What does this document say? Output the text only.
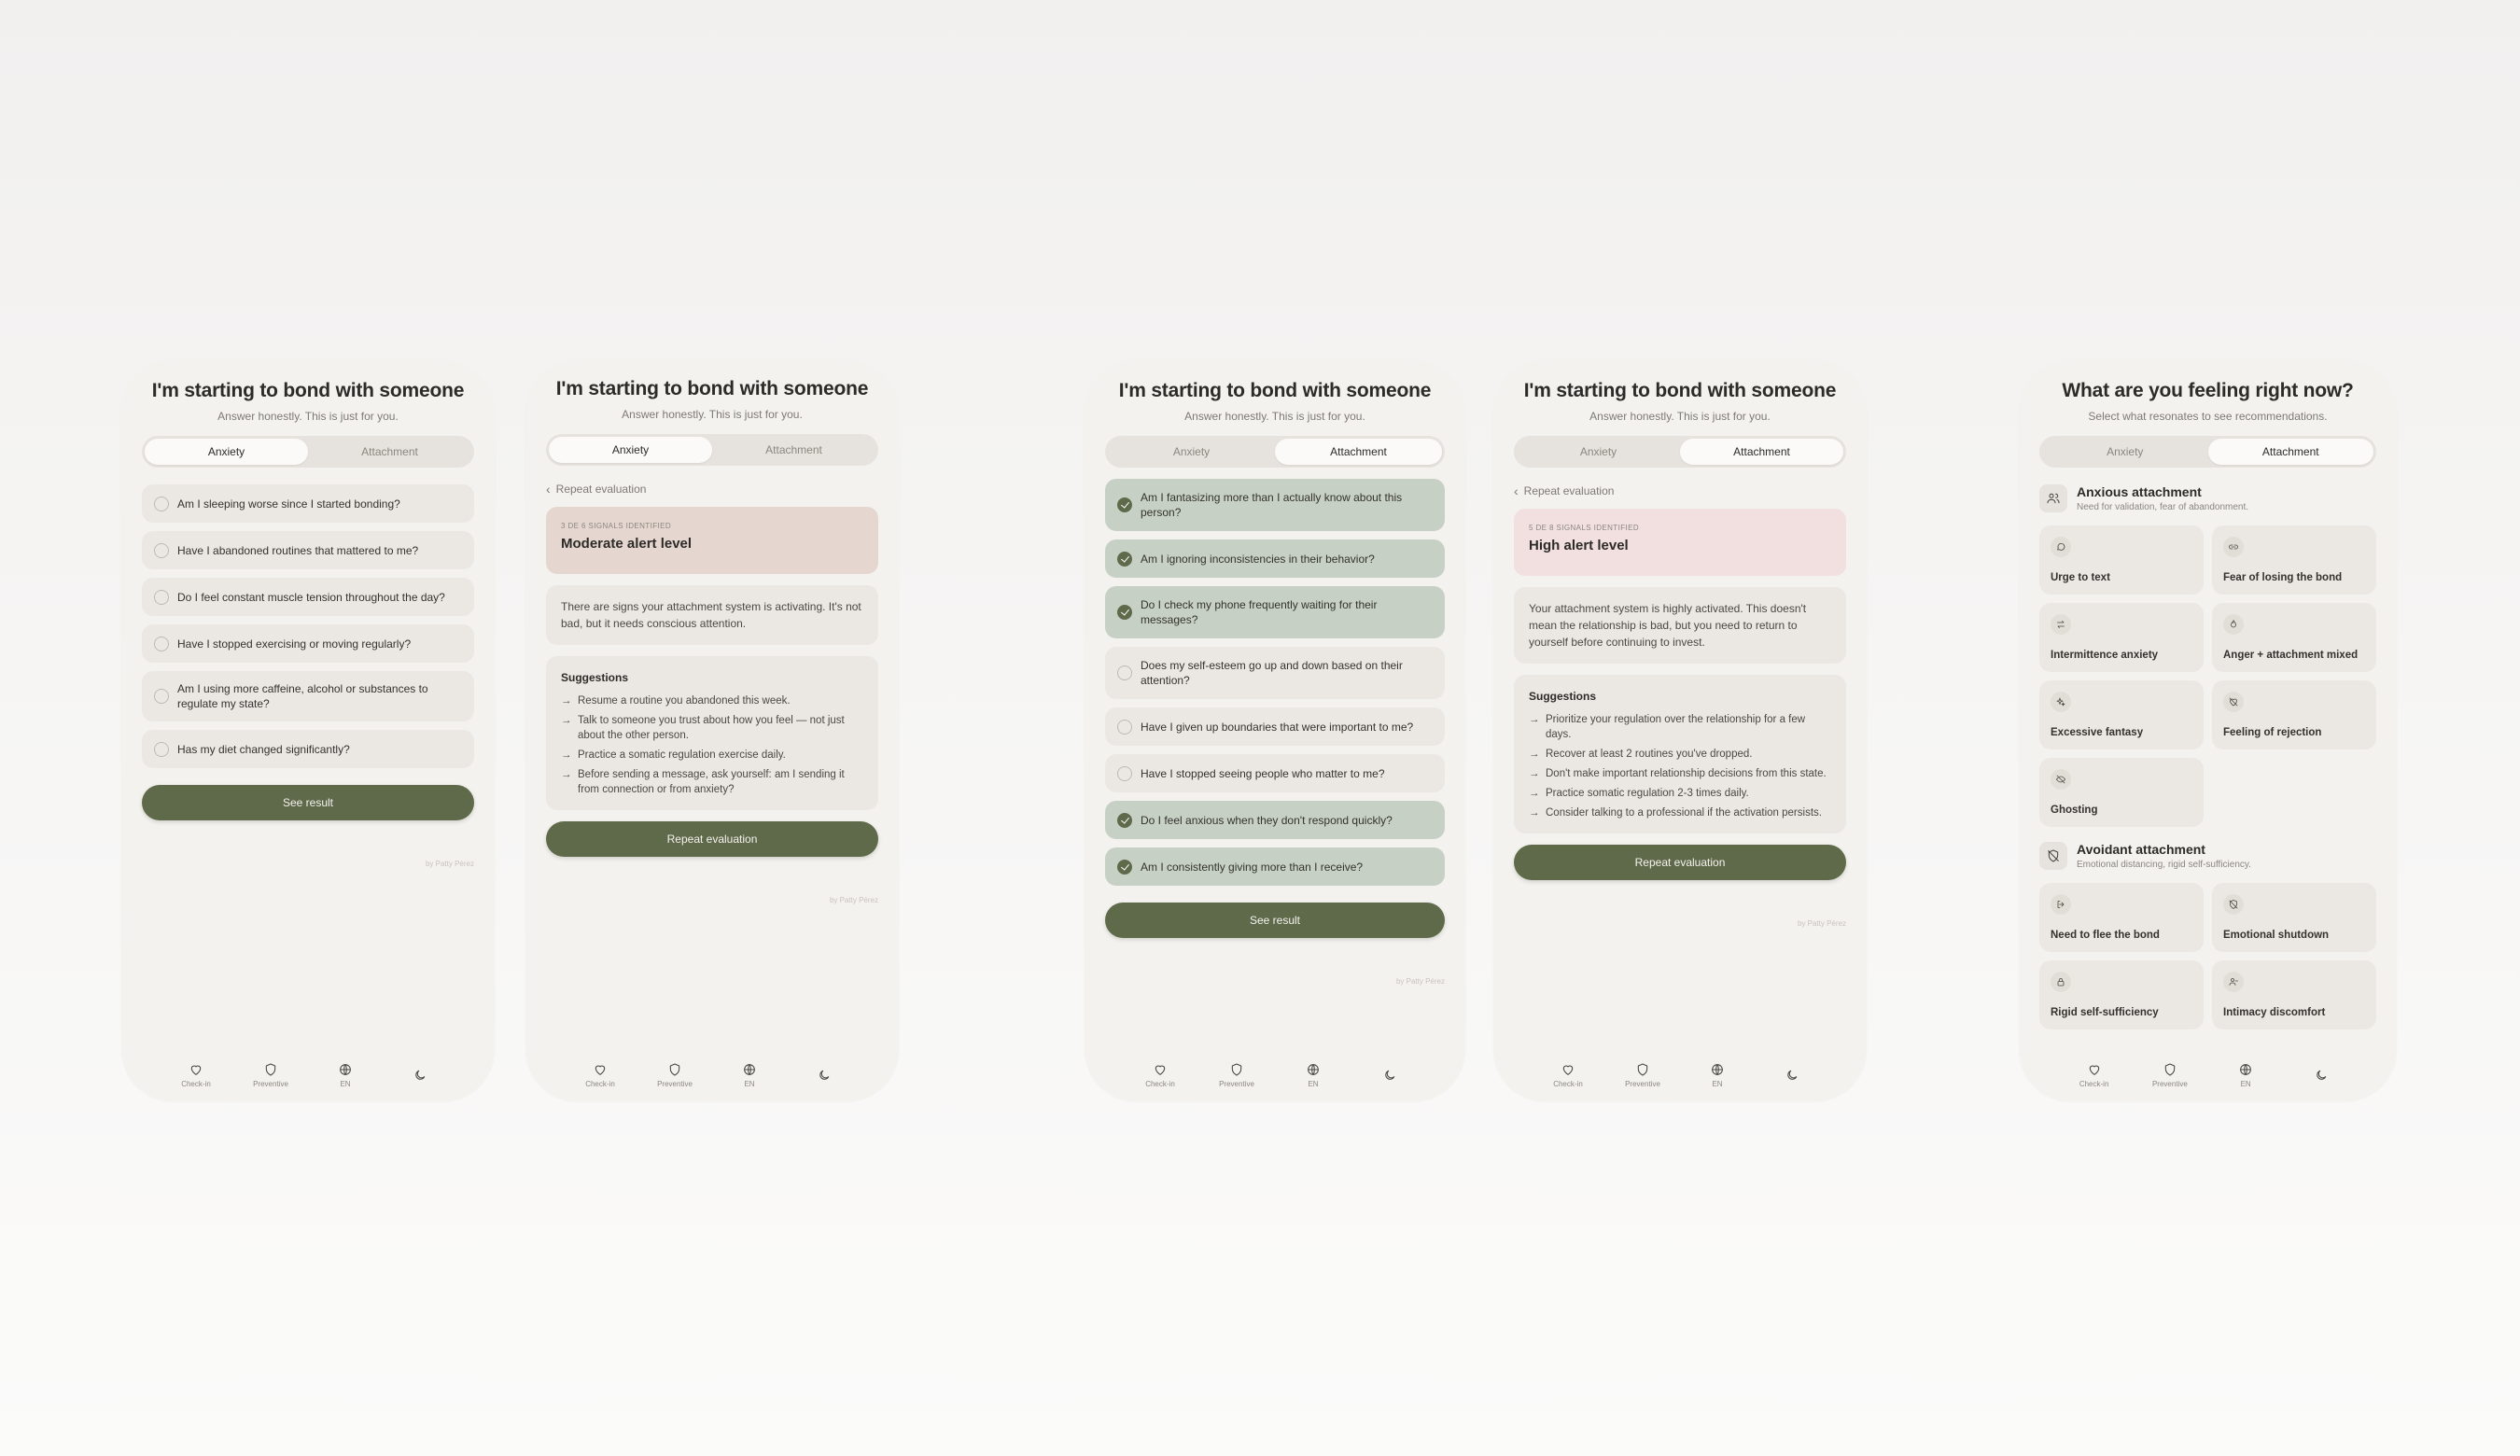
I'm starting to bond with someone
Answer honestly. This is just for you.
Anxiety	Attachment
Am I sleeping worse since I started bonding?
Have I abandoned routines that mattered to me?
Do I feel constant muscle tension throughout the day?
Have I stopped exercising or moving regularly?
Am I using more caffeine, alcohol or substances to regulate my state?
Has my diet changed significantly?
See result
by Patty Pérez
Check-in	Preventive	EN
I'm starting to bond with someone
Answer honestly. This is just for you.
Anxiety	Attachment
‹ Repeat evaluation
3 DE 6 SIGNALS IDENTIFIED
Moderate alert level
There are signs your attachment system is activating. It's not bad, but it needs conscious attention.
Suggestions
→ Resume a routine you abandoned this week.
→ Talk to someone you trust about how you feel — not just about the other person.
→ Practice a somatic regulation exercise daily.
→ Before sending a message, ask yourself: am I sending it from connection or from anxiety?
Repeat evaluation
by Patty Pérez
Check-in	Preventive	EN
I'm starting to bond with someone
Answer honestly. This is just for you.
Anxiety	Attachment
Am I fantasizing more than I actually know about this person?
Am I ignoring inconsistencies in their behavior?
Do I check my phone frequently waiting for their messages?
Does my self-esteem go up and down based on their attention?
Have I given up boundaries that were important to me?
Have I stopped seeing people who matter to me?
Do I feel anxious when they don't respond quickly?
Am I consistently giving more than I receive?
See result
by Patty Pérez
Check-in	Preventive	EN
I'm starting to bond with someone
Answer honestly. This is just for you.
Anxiety	Attachment
‹ Repeat evaluation
5 DE 8 SIGNALS IDENTIFIED
High alert level
Your attachment system is highly activated. This doesn't mean the relationship is bad, but you need to return to yourself before continuing to invest.
Suggestions
→ Prioritize your regulation over the relationship for a few days.
→ Recover at least 2 routines you've dropped.
→ Don't make important relationship decisions from this state.
→ Practice somatic regulation 2-3 times daily.
→ Consider talking to a professional if the activation persists.
Repeat evaluation
by Patty Pérez
Check-in	Preventive	EN
What are you feeling right now?
Select what resonates to see recommendations.
Anxiety	Attachment
Anxious attachment
Need for validation, fear of abandonment.
Urge to text	Fear of losing the bond
Intermittence anxiety	Anger + attachment mixed
Excessive fantasy	Feeling of rejection
Ghosting
Avoidant attachment
Emotional distancing, rigid self-sufficiency.
Need to flee the bond	Emotional shutdown
Rigid self-sufficiency	Intimacy discomfort
Check-in	Preventive	EN
